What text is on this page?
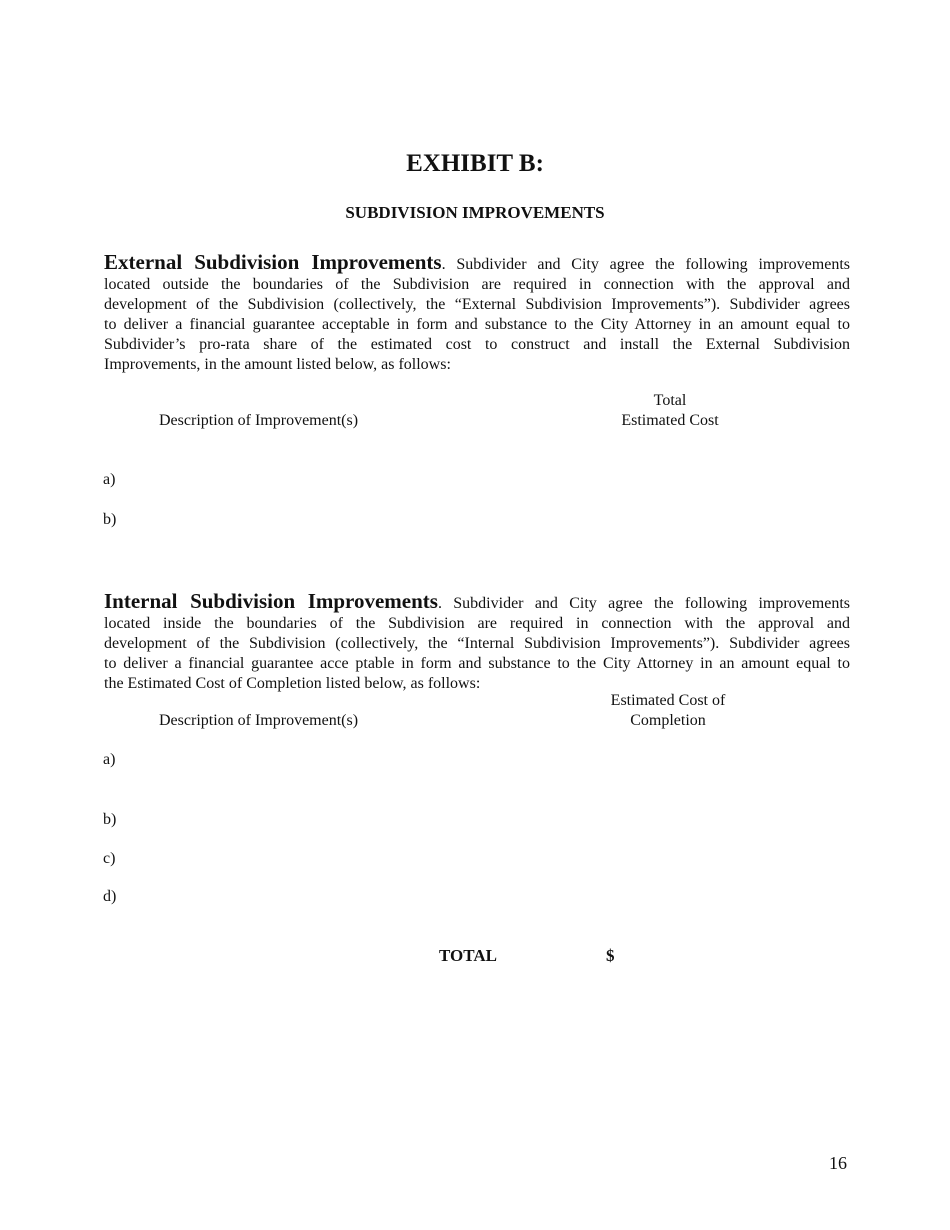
EXHIBIT B:
SUBDIVISION IMPROVEMENTS
External Subdivision Improvements. Subdivider and City agree the following improvements
located outside the boundaries of the Subdivision are required in connection with the approval and
development of the Subdivision (collectively, the “External Subdivision Improvements”). Subdivider agrees
to deliver a financial guarantee acceptable in form and substance to the City Attorney in an amount equal to
Subdivider’s pro-rata share of the estimated cost to construct and install the External Subdivision
Improvements, in the amount listed below, as follows:
Description of Improvement(s)
Total
Estimated Cost
a)
b)
Internal Subdivision Improvements. Subdivider and City agree the following improvements
located inside the boundaries of the Subdivision are required in connection with the approval and
development of the Subdivision (collectively, the “Internal Subdivision Improvements”). Subdivider agrees
to deliver a financial guarantee acce ptable in form and substance to the City Attorney in an amount equal to
the Estimated Cost of Completion listed below, as follows:
Description of Improvement(s)
Estimated Cost of
Completion
a)
b)
c)
d)
TOTAL	$
16
